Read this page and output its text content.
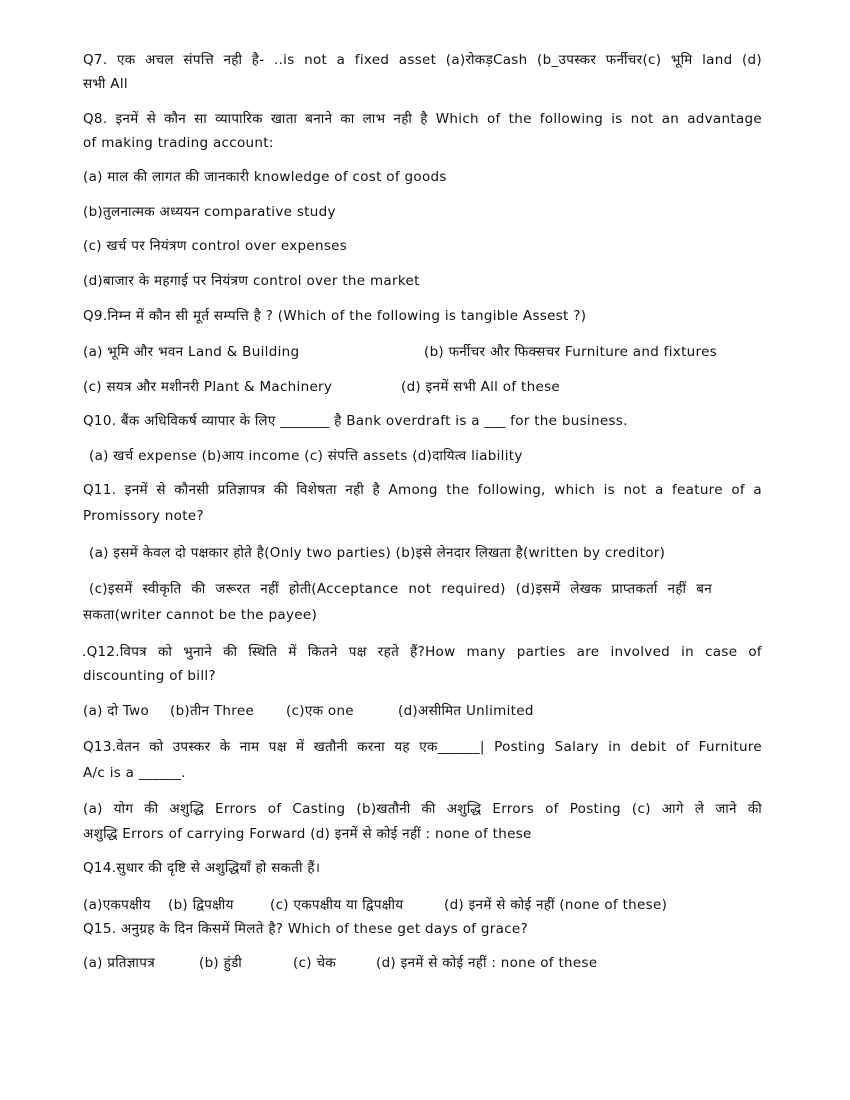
Q7. एक अचल संपत्ति नही है- ..is not a fixed asset (a)रोकड़Cash (b_उपस्कर फर्नीचर(c) भूमि land (d)
सभी All
Q8. इनमें से कौन सा व्यापारिक खाता बनाने का लाभ नही है Which of the following is not an advantage
of making trading account:
(a) माल की लागत की जानकारी knowledge of cost of goods
(b)तुलनात्मक अध्ययन comparative study
(c) खर्च पर नियंत्रण control over expenses
(d)बाजार के महगाई पर नियंत्रण control over the market
Q9.निम्न में कौन सी मूर्त सम्पत्ति है ? (Which of the following is tangible Assest ?)
(a) भूमि और भवन Land & Building	(b) फर्नीचर और फिक्सचर Furniture and fixtures
(c) सयत्र और मशीनरी Plant & Machinery	(d) इनमें सभी All of these
Q10. बैंक अधिविकर्ष व्यापार के लिए _______ है Bank overdraft is a ___ for the business.
(a) खर्च expense (b)आय income (c) संपत्ति assets (d)दायित्व liability
Q11. इनमें से कौनसी प्रतिज्ञापत्र की विशेषता नही है Among the following, which is not a feature of a
Promissory note?
(a) इसमें केवल दो पक्षकार होते है(Only two parties) (b)इसे लेनदार लिखता है(written by creditor)
(c)इसमें स्वीकृति की जरूरत नहीं होती(Acceptance not required) (d)इसमें लेखक प्राप्तकर्ता नहीं बन
सकता(writer cannot be the payee)
.Q12.विपत्र को भुनाने की स्थिति में कितने पक्ष रहते हैं?How many parties are involved in case of
discounting of bill?
(a) दो Two (b)तीन Three (c)एक one	(d)असीमित Unlimited
Q13.वेतन को उपस्कर के नाम पक्ष में खतौनी करना यह एक______| Posting Salary in debit of Furniture
A/c is a ______.
(a) योग की अशुद्धि Errors of Casting (b)खतौनी की अशुद्धि Errors of Posting (c) आगे ले जाने की
अशुद्धि Errors of carrying Forward (d) इनमें से कोई नहीं : none of these
Q14.सुधार की दृष्टि से अशुद्धियाँ हो सकती हैं।
(a)एकपक्षीय (b) द्विपक्षीय	(c) एकपक्षीय या द्विपक्षीय	(d) इनमें से कोई नहीं (none of these)
Q15. अनुग्रह के दिन किसमें मिलते है? Which of these get days of grace?
(a) प्रतिज्ञापत्र	(b) हुंडी	(c) चेक	(d) इनमें से कोई नहीं : none of these
